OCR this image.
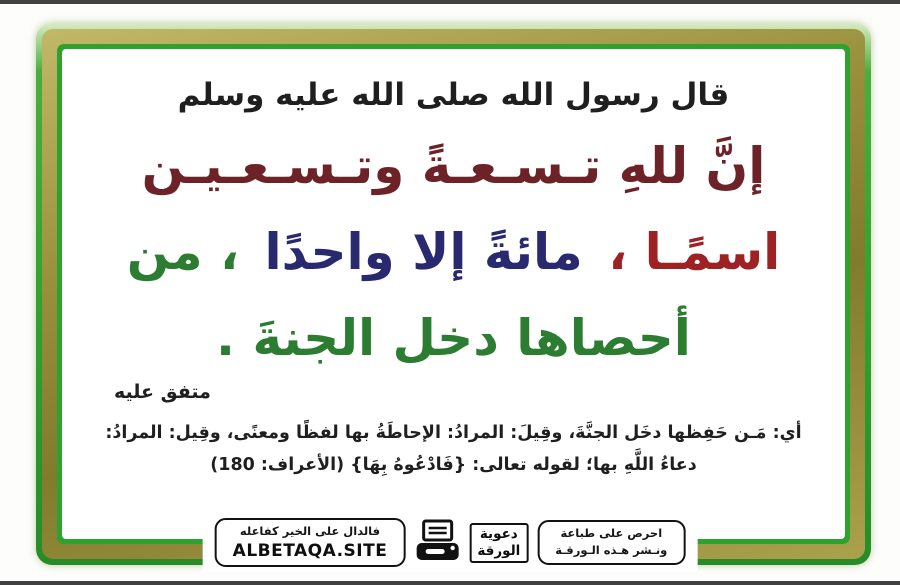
قال رسول الله صلى الله عليه وسلم
إنَّ للهِ تـسـعـةً وتـسـعـيـن
اسمًـا ، مائةً إلا واحدًا ، من
أحصاها دخل الجنةَ .
متفق عليه
أي: مَـن حَفِظها دخَل الجنَّةَ، وقِيلَ: المرادُ: الإحاطَةُ بها لفظًا ومعنًى، وقِيل: المرادُ:
دعاءُ اللَّهِ بها؛ لقوله تعالى: {فَادْعُوهُ بِهَا} (الأعراف: 180)
فالدال على الخير كفاعله
ALBETAQA.SITE
دعوية
الورقة
احرص على طباعة
ونـشر هـذه الـورقـة
